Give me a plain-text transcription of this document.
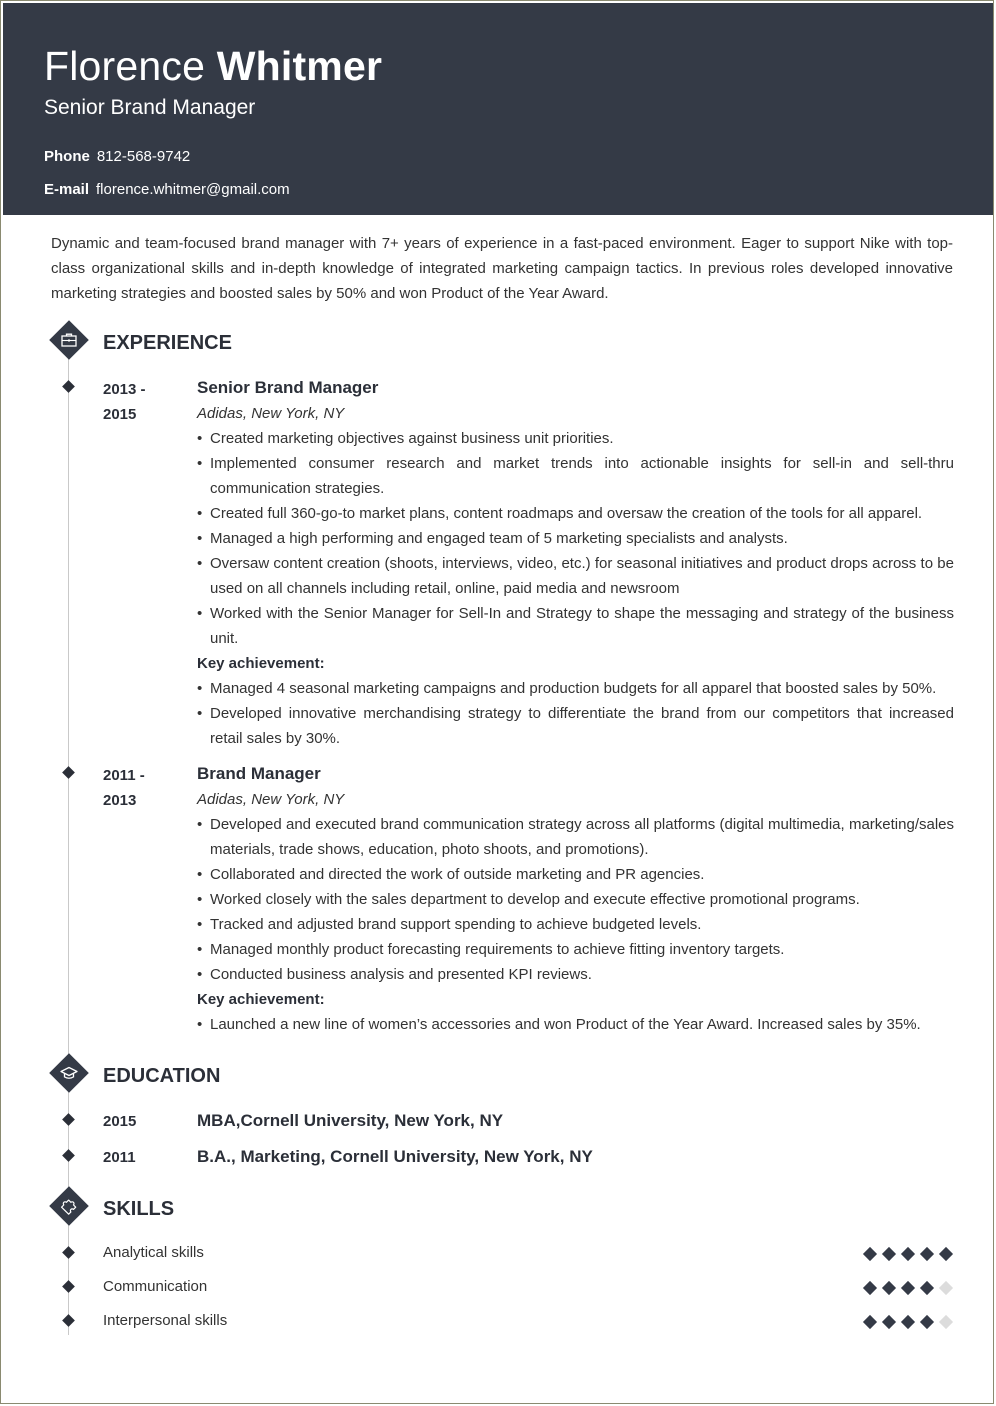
Florence Whitmer
Senior Brand Manager
Phone 812-568-9742
E-mail florence.whitmer@gmail.com
Dynamic and team-focused brand manager with 7+ years of experience in a fast-paced environment. Eager to support Nike with top-class organizational skills and in-depth knowledge of integrated marketing campaign tactics. In previous roles developed innovative marketing strategies and boosted sales by 50% and won Product of the Year Award.
EXPERIENCE
2013 -
2015
Senior Brand Manager
Adidas, New York, NY
• Created marketing objectives against business unit priorities.
• Implemented consumer research and market trends into actionable insights for sell-in and sell-thru communication strategies.
• Created full 360-go-to market plans, content roadmaps and oversaw the creation of the tools for all apparel.
• Managed a high performing and engaged team of 5 marketing specialists and analysts.
• Oversaw content creation (shoots, interviews, video, etc.) for seasonal initiatives and product drops across to be used on all channels including retail, online, paid media and newsroom
• Worked with the Senior Manager for Sell-In and Strategy to shape the messaging and strategy of the business unit.
Key achievement:
• Managed 4 seasonal marketing campaigns and production budgets for all apparel that boosted sales by 50%.
• Developed innovative merchandising strategy to differentiate the brand from our competitors that increased retail sales by 30%.
2011 -
2013
Brand Manager
Adidas, New York, NY
• Developed and executed brand communication strategy across all platforms (digital multimedia, marketing/sales materials, trade shows, education, photo shoots, and promotions).
• Collaborated and directed the work of outside marketing and PR agencies.
• Worked closely with the sales department to develop and execute effective promotional programs.
• Tracked and adjusted brand support spending to achieve budgeted levels.
• Managed monthly product forecasting requirements to achieve fitting inventory targets.
• Conducted business analysis and presented KPI reviews.
Key achievement:
• Launched a new line of women’s accessories and won Product of the Year Award. Increased sales by 35%.
EDUCATION
2015	MBA,Cornell University, New York, NY
2011	B.A., Marketing, Cornell University, New York, NY
SKILLS
Analytical skills
Communication
Interpersonal skills
